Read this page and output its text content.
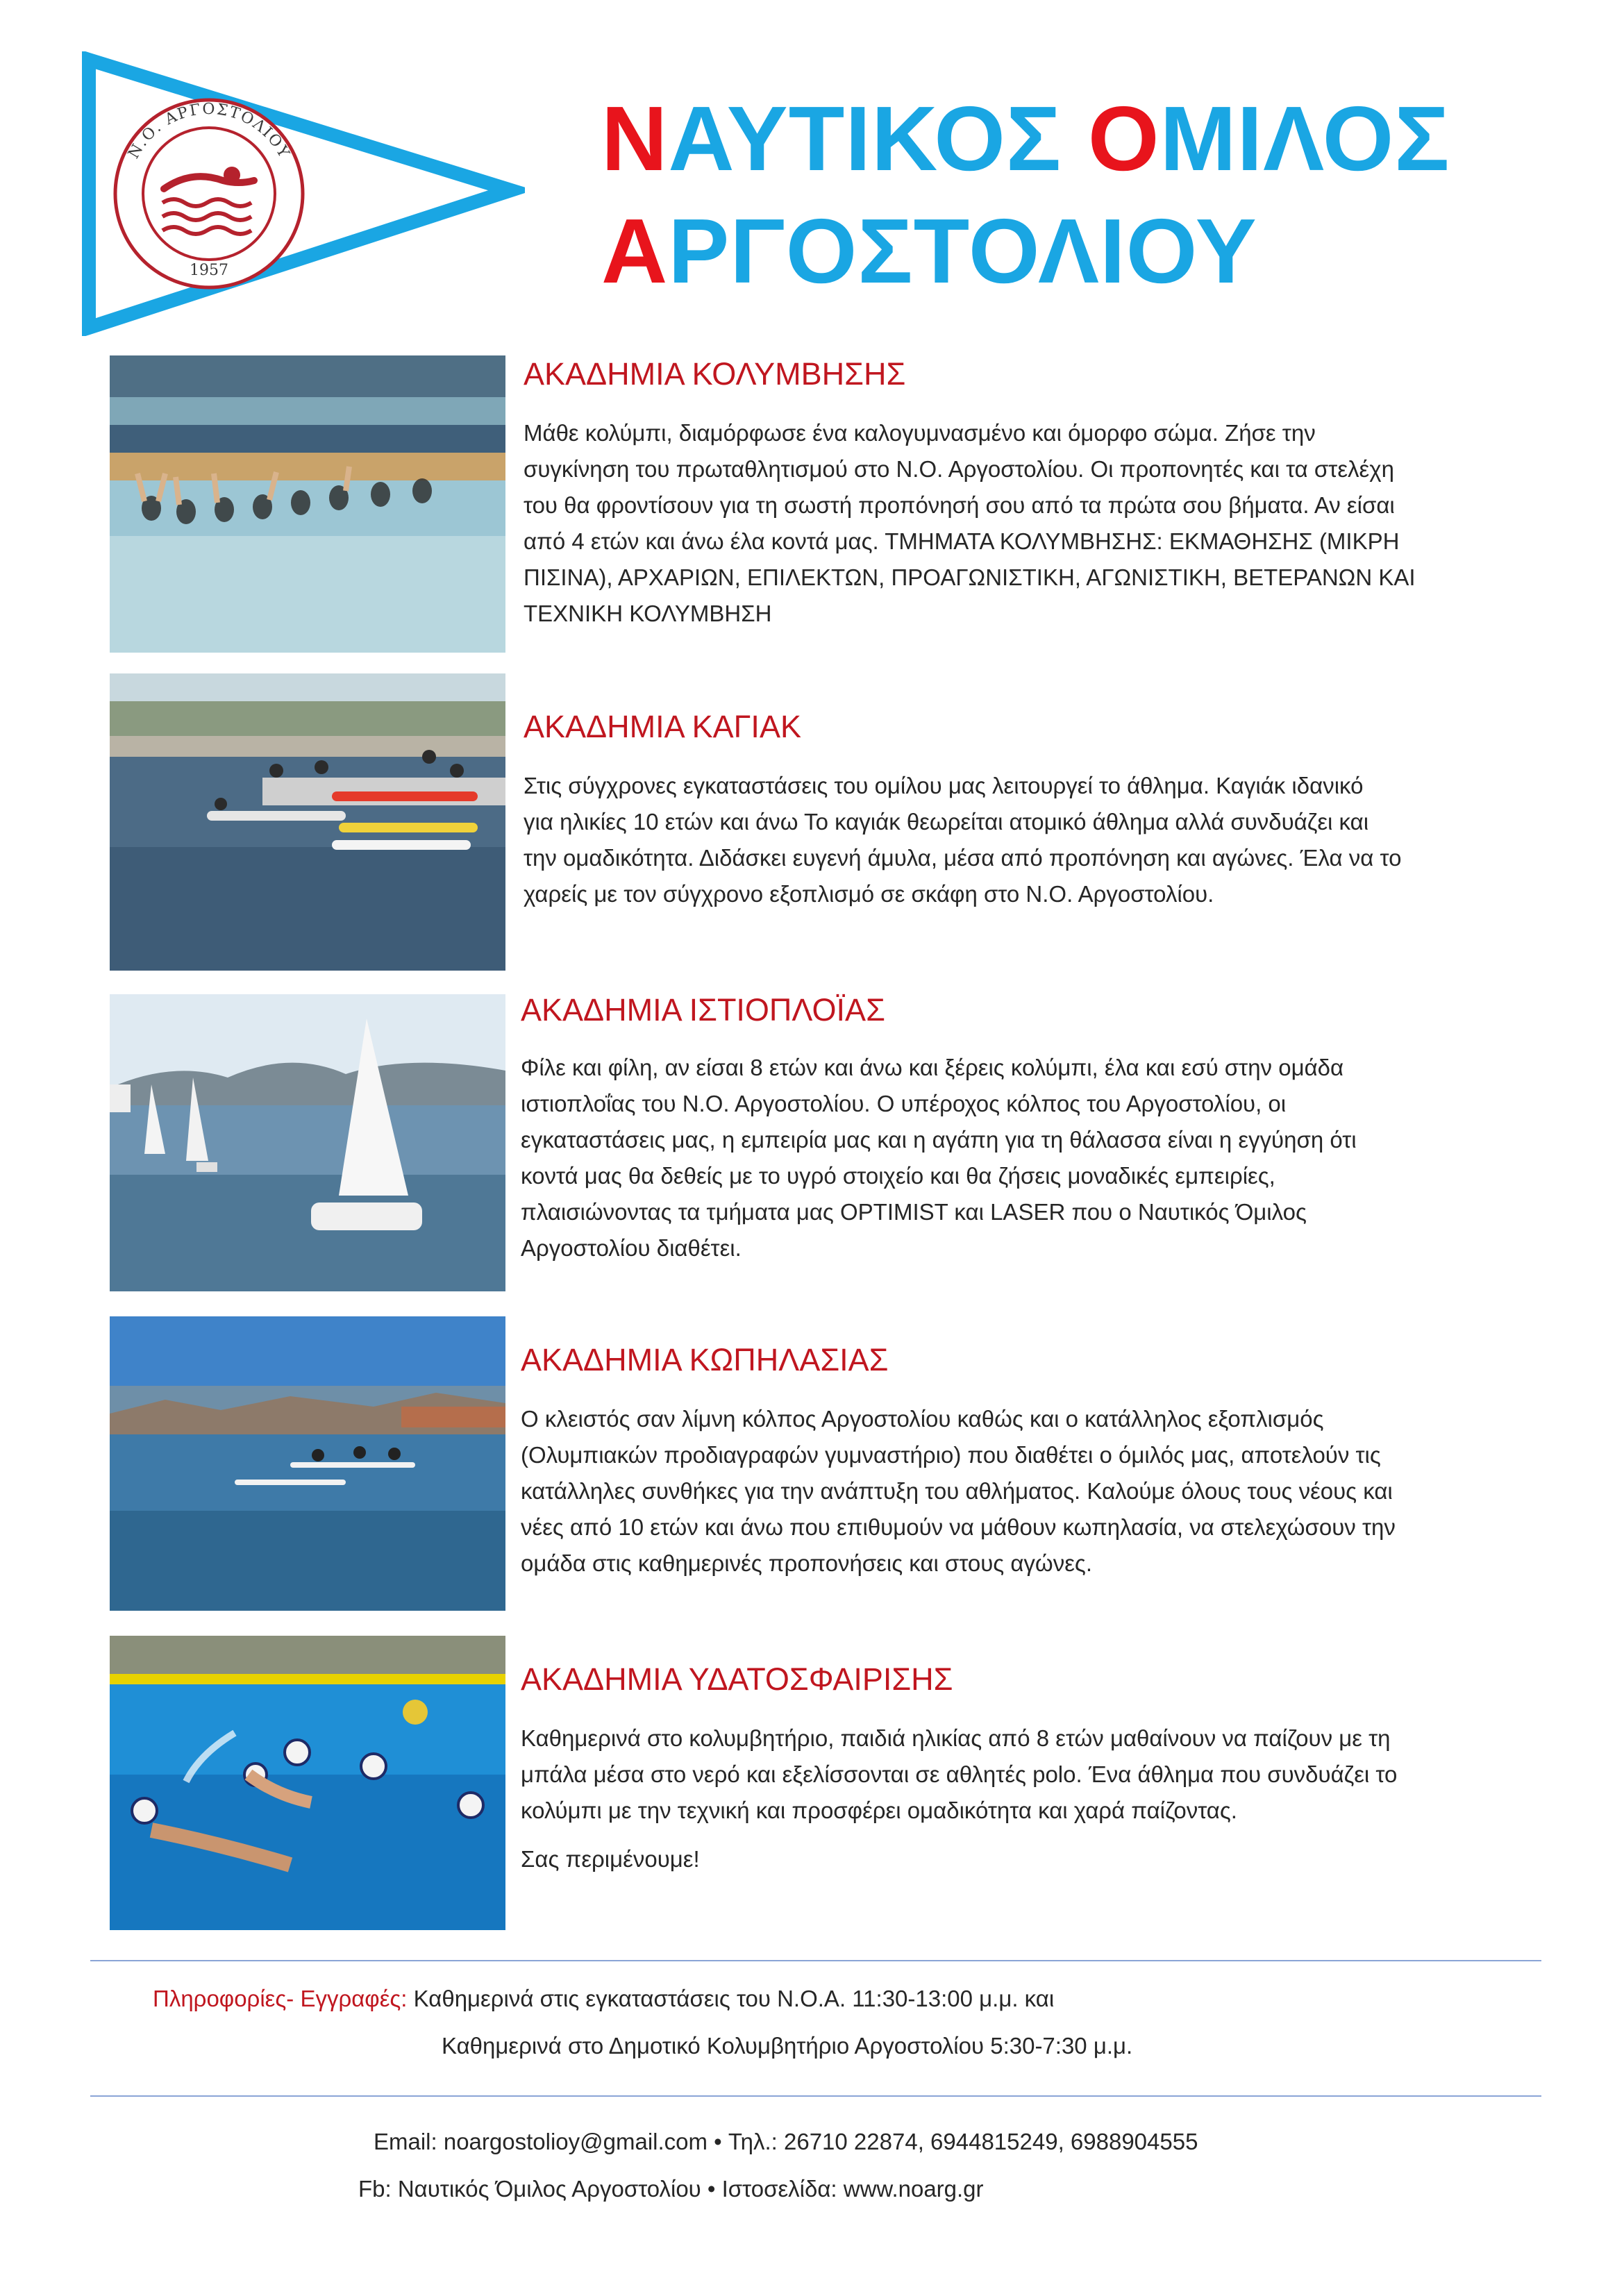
Ν.Ο. ΑΡΓΟΣΤΟΛΙΟΥ
1957
ΝΑΥΤΙΚΟΣ ΟΜΙΛΟΣ
ΑΡΓΟΣΤΟΛΙΟΥ
ΑΚΑΔΗΜΙΑ ΚΟΛΥΜΒΗΣΗΣ
Μάθε κολύμπι, διαμόρφωσε ένα καλογυμνασμένο και όμορφο σώμα. Ζήσε την
συγκίνηση του πρωταθλητισμού στο Ν.Ο. Αργοστολίου. Οι προπονητές και τα στελέχη
του θα φροντίσουν για τη σωστή προπόνησή σου από τα πρώτα σου βήματα. Αν είσαι
από 4 ετών και άνω έλα κοντά μας. ΤΜΗΜΑΤΑ ΚΟΛΥΜΒΗΣΗΣ: ΕΚΜΑΘΗΣΗΣ (ΜΙΚΡΗ
ΠΙΣΙΝΑ), ΑΡΧΑΡΙΩΝ, ΕΠΙΛΕΚΤΩΝ, ΠΡΟΑΓΩΝΙΣΤΙΚΗ, ΑΓΩΝΙΣΤΙΚΗ, ΒΕΤΕΡΑΝΩΝ ΚΑΙ
ΤΕΧΝΙΚΗ ΚΟΛΥΜΒΗΣΗ
ΑΚΑΔΗΜΙΑ ΚΑΓΙΑΚ
Στις σύγχρονες εγκαταστάσεις του ομίλου μας λειτουργεί το άθλημα. Καγιάκ ιδανικό
για ηλικίες 10 ετών και άνω Το καγιάκ θεωρείται ατομικό άθλημα αλλά συνδυάζει και
την ομαδικότητα. Διδάσκει ευγενή άμυλα, μέσα από προπόνηση και αγώνες. Έλα να το
χαρείς με τον σύγχρονο εξοπλισμό σε σκάφη στο Ν.Ο. Αργοστολίου.
ΑΚΑΔΗΜΙΑ ΙΣΤΙΟΠΛΟΪΑΣ
Φίλε και φίλη, αν είσαι 8 ετών και άνω και ξέρεις κολύμπι, έλα και εσύ στην ομάδα
ιστιοπλοΐας του Ν.Ο. Αργοστολίου. Ο υπέροχος κόλπος του Αργοστολίου, οι
εγκαταστάσεις μας, η εμπειρία μας και η αγάπη για τη θάλασσα είναι η εγγύηση ότι
κοντά μας θα δεθείς με το υγρό στοιχείο και θα ζήσεις μοναδικές εμπειρίες,
πλαισιώνοντας τα τμήματα μας OPTIMIST και LASER που ο Ναυτικός Όμιλος
Αργοστολίου διαθέτει.
ΑΚΑΔΗΜΙΑ ΚΩΠΗΛΑΣΙΑΣ
Ο κλειστός σαν λίμνη κόλπος Αργοστολίου καθώς και ο κατάλληλος εξοπλισμός
(Ολυμπιακών προδιαγραφών γυμναστήριο) που διαθέτει ο όμιλός μας, αποτελούν τις
κατάλληλες συνθήκες για την ανάπτυξη του αθλήματος. Καλούμε όλους τους νέους και
νέες από 10 ετών και άνω που επιθυμούν να μάθουν κωπηλασία, να στελεχώσουν την
ομάδα στις καθημερινές προπονήσεις και στους αγώνες.
ΑΚΑΔΗΜΙΑ ΥΔΑΤΟΣΦΑΙΡΙΣΗΣ
Καθημερινά στο κολυμβητήριο, παιδιά ηλικίας από 8 ετών μαθαίνουν να παίζουν με τη
μπάλα μέσα στο νερό και εξελίσσονται σε αθλητές polo. Ένα άθλημα που συνδυάζει το
κολύμπι με την τεχνική και προσφέρει ομαδικότητα και χαρά παίζοντας.
Σας περιμένουμε!
Πληροφορίες- Εγγραφές: Καθημερινά στις εγκαταστάσεις του Ν.Ο.Α. 11:30-13:00 μ.μ. και
Καθημερινά στο Δημοτικό Κολυμβητήριο Αργοστολίου 5:30-7:30 μ.μ.
Email: noargostolioy@gmail.com • Τηλ.: 26710 22874, 6944815249, 6988904555
Fb: Ναυτικός Όμιλος Αργοστολίου • Ιστοσελίδα: www.noarg.gr
